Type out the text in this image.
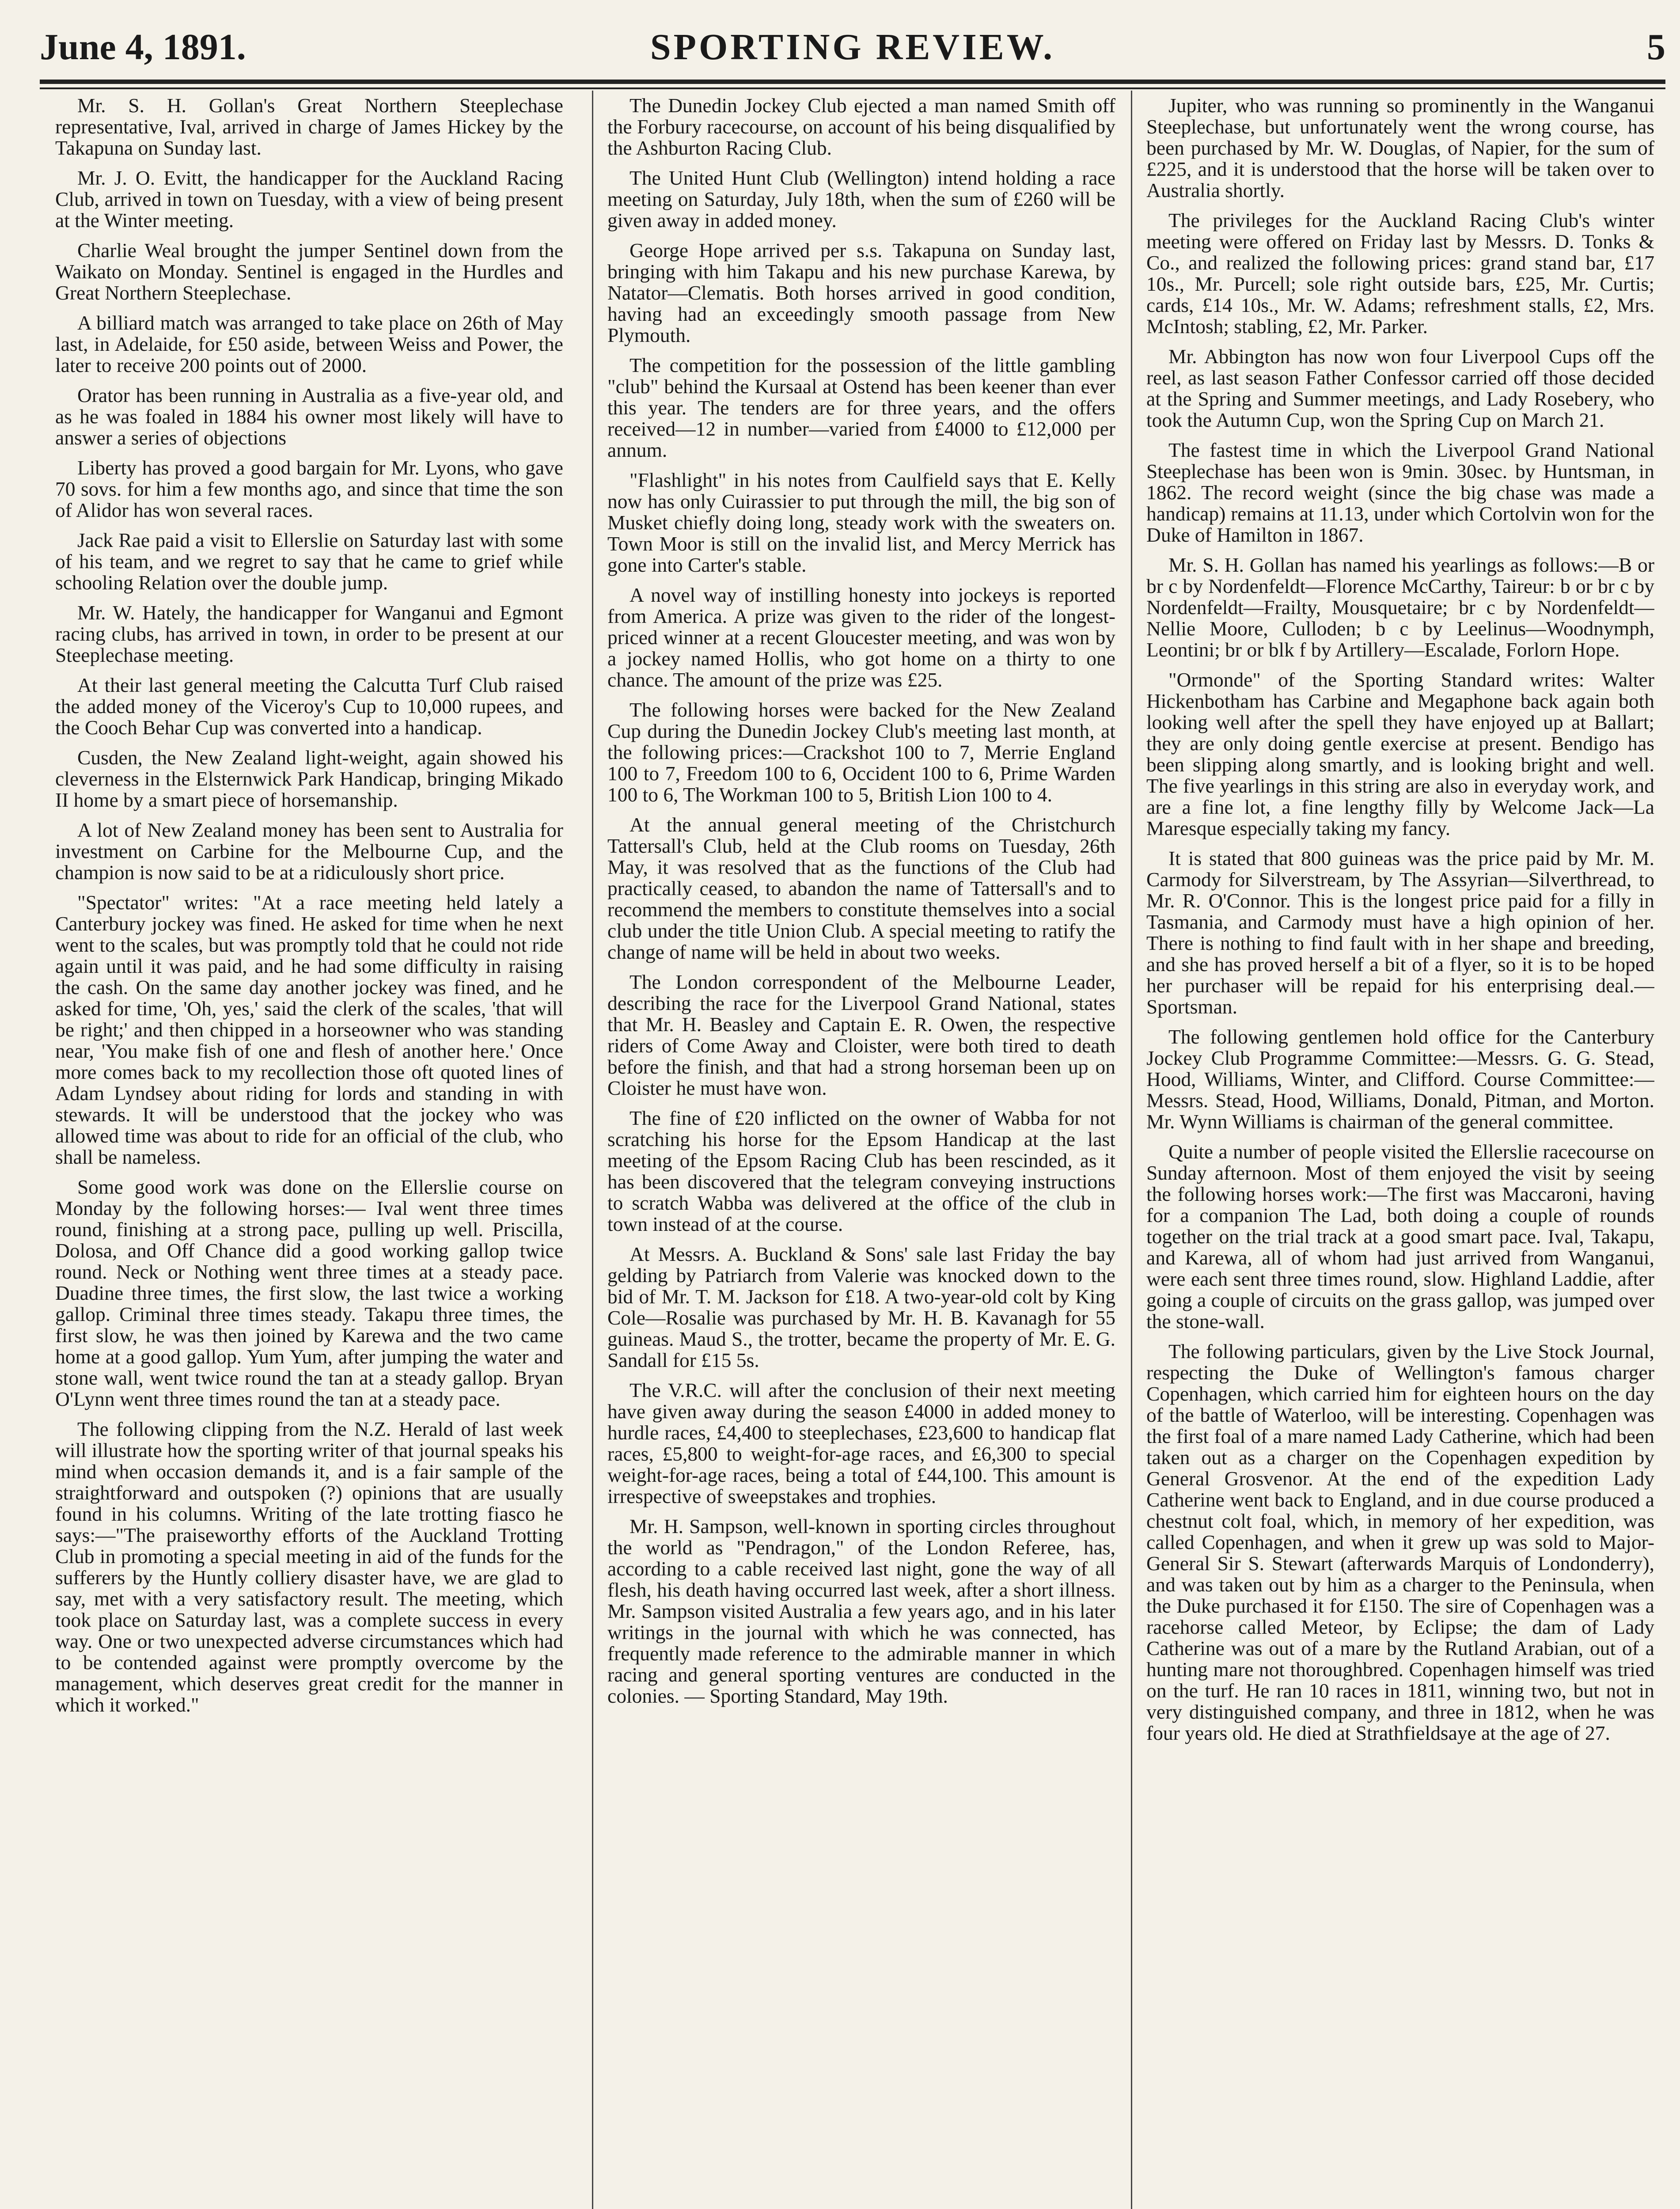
June 4, 1891.	SPORTING REVIEW.	5

Mr. S. H. Gollan's Great Northern Steeplechase representative, Ival, arrived in charge of James Hickey by the Takapuna on Sunday last.

Mr. J. O. Evitt, the handicapper for the Auckland Racing Club, arrived in town on Tuesday, with a view of being present at the Winter meeting.

Charlie Weal brought the jumper Sentinel down from the Waikato on Monday. Sentinel is engaged in the Hurdles and Great Northern Steeplechase.

A billiard match was arranged to take place on 26th of May last, in Adelaide, for £50 aside, between Weiss and Power, the later to receive 200 points out of 2000.

Orator has been running in Australia as a five-year old, and as he was foaled in 1884 his owner most likely will have to answer a series of objections

Liberty has proved a good bargain for Mr. Lyons, who gave 70 sovs. for him a few months ago, and since that time the son of Alidor has won several races.

Jack Rae paid a visit to Ellerslie on Saturday last with some of his team, and we regret to say that he came to grief while schooling Relation over the double jump.

Mr. W. Hately, the handicapper for Wanganui and Egmont racing clubs, has arrived in town, in order to be present at our Steeplechase meeting.

At their last general meeting the Calcutta Turf Club raised the added money of the Viceroy's Cup to 10,000 rupees, and the Cooch Behar Cup was converted into a handicap.

Cusden, the New Zealand light-weight, again showed his cleverness in the Elsternwick Park Handicap, bringing Mikado II home by a smart piece of horsemanship.

A lot of New Zealand money has been sent to Australia for investment on Carbine for the Melbourne Cup, and the champion is now said to be at a ridiculously short price.

"Spectator" writes: "At a race meeting held lately a Canterbury jockey was fined. He asked for time when he next went to the scales, but was promptly told that he could not ride again until it was paid, and he had some difficulty in raising the cash. On the same day another jockey was fined, and he asked for time, 'Oh, yes,' said the clerk of the scales, 'that will be right;' and then chipped in a horseowner who was standing near, 'You make fish of one and flesh of another here.' Once more comes back to my recollection those oft quoted lines of Adam Lyndsey about riding for lords and standing in with stewards. It will be understood that the jockey who was allowed time was about to ride for an official of the club, who shall be nameless.

Some good work was done on the Ellerslie course on Monday by the following horses:— Ival went three times round, finishing at a strong pace, pulling up well. Priscilla, Dolosa, and Off Chance did a good working gallop twice round. Neck or Nothing went three times at a steady pace. Duadine three times, the first slow, the last twice a working gallop. Criminal three times steady. Takapu three times, the first slow, he was then joined by Karewa and the two came home at a good gallop. Yum Yum, after jumping the water and stone wall, went twice round the tan at a steady gallop. Bryan O'Lynn went three times round the tan at a steady pace.

The following clipping from the N.Z. Herald of last week will illustrate how the sporting writer of that journal speaks his mind when occasion demands it, and is a fair sample of the straightforward and outspoken (?) opinions that are usually found in his columns. Writing of the late trotting fiasco he says:—"The praiseworthy efforts of the Auckland Trotting Club in promoting a special meeting in aid of the funds for the sufferers by the Huntly colliery disaster have, we are glad to say, met with a very satisfactory result. The meeting, which took place on Saturday last, was a complete success in every way. One or two unexpected adverse circumstances which had to be contended against were promptly overcome by the management, which deserves great credit for the manner in which it worked."

The Dunedin Jockey Club ejected a man named Smith off the Forbury racecourse, on account of his being disqualified by the Ashburton Racing Club.

The United Hunt Club (Wellington) intend holding a race meeting on Saturday, July 18th, when the sum of £260 will be given away in added money.

George Hope arrived per s.s. Takapuna on Sunday last, bringing with him Takapu and his new purchase Karewa, by Natator—Clematis. Both horses arrived in good condition, having had an exceedingly smooth passage from New Plymouth.

The competition for the possession of the little gambling "club" behind the Kursaal at Ostend has been keener than ever this year. The tenders are for three years, and the offers received—12 in number—varied from £4000 to £12,000 per annum.

"Flashlight" in his notes from Caulfield says that E. Kelly now has only Cuirassier to put through the mill, the big son of Musket chiefly doing long, steady work with the sweaters on. Town Moor is still on the invalid list, and Mercy Merrick has gone into Carter's stable.

A novel way of instilling honesty into jockeys is reported from America. A prize was given to the rider of the longest-priced winner at a recent Gloucester meeting, and was won by a jockey named Hollis, who got home on a thirty to one chance. The amount of the prize was £25.

The following horses were backed for the New Zealand Cup during the Dunedin Jockey Club's meeting last month, at the following prices:—Crackshot 100 to 7, Merrie England 100 to 7, Freedom 100 to 6, Occident 100 to 6, Prime Warden 100 to 6, The Workman 100 to 5, British Lion 100 to 4.

At the annual general meeting of the Christchurch Tattersall's Club, held at the Club rooms on Tuesday, 26th May, it was resolved that as the functions of the Club had practically ceased, to abandon the name of Tattersall's and to recommend the members to constitute themselves into a social club under the title Union Club. A special meeting to ratify the change of name will be held in about two weeks.

The London correspondent of the Melbourne Leader, describing the race for the Liverpool Grand National, states that Mr. H. Beasley and Captain E. R. Owen, the respective riders of Come Away and Cloister, were both tired to death before the finish, and that had a strong horseman been up on Cloister he must have won.

The fine of £20 inflicted on the owner of Wabba for not scratching his horse for the Epsom Handicap at the last meeting of the Epsom Racing Club has been rescinded, as it has been discovered that the telegram conveying instructions to scratch Wabba was delivered at the office of the club in town instead of at the course.

At Messrs. A. Buckland & Sons' sale last Friday the bay gelding by Patriarch from Valerie was knocked down to the bid of Mr. T. M. Jackson for £18. A two-year-old colt by King Cole—Rosalie was purchased by Mr. H. B. Kavanagh for 55 guineas. Maud S., the trotter, became the property of Mr. E. G. Sandall for £15 5s.

The V.R.C. will after the conclusion of their next meeting have given away during the season £4000 in added money to hurdle races, £4,400 to steeplechases, £23,600 to handicap flat races, £5,800 to weight-for-age races, and £6,300 to special weight-for-age races, being a total of £44,100. This amount is irrespective of sweepstakes and trophies.

Mr. H. Sampson, well-known in sporting circles throughout the world as "Pendragon," of the London Referee, has, according to a cable received last night, gone the way of all flesh, his death having occurred last week, after a short illness. Mr. Sampson visited Australia a few years ago, and in his later writings in the journal with which he was connected, has frequently made reference to the admirable manner in which racing and general sporting ventures are conducted in the colonies. — Sporting Standard, May 19th.

Jupiter, who was running so prominently in the Wanganui Steeplechase, but unfortunately went the wrong course, has been purchased by Mr. W. Douglas, of Napier, for the sum of £225, and it is understood that the horse will be taken over to Australia shortly.

The privileges for the Auckland Racing Club's winter meeting were offered on Friday last by Messrs. D. Tonks & Co., and realized the following prices: grand stand bar, £17 10s., Mr. Purcell; sole right outside bars, £25, Mr. Curtis; cards, £14 10s., Mr. W. Adams; refreshment stalls, £2, Mrs. McIntosh; stabling, £2, Mr. Parker.

Mr. Abbington has now won four Liverpool Cups off the reel, as last season Father Confessor carried off those decided at the Spring and Summer meetings, and Lady Rosebery, who took the Autumn Cup, won the Spring Cup on March 21.

The fastest time in which the Liverpool Grand National Steeplechase has been won is 9min. 30sec. by Huntsman, in 1862. The record weight (since the big chase was made a handicap) remains at 11.13, under which Cortolvin won for the Duke of Hamilton in 1867.

Mr. S. H. Gollan has named his yearlings as follows:—B or br c by Nordenfeldt—Florence McCarthy, Taireur: b or br c by Nordenfeldt—Frailty, Mousquetaire; br c by Nordenfeldt—Nellie Moore, Culloden; b c by Leelinus—Woodnymph, Leontini; br or blk f by Artillery—Escalade, Forlorn Hope.

"Ormonde" of the Sporting Standard writes: Walter Hickenbotham has Carbine and Megaphone back again both looking well after the spell they have enjoyed up at Ballart; they are only doing gentle exercise at present. Bendigo has been slipping along smartly, and is looking bright and well. The five yearlings in this string are also in everyday work, and are a fine lot, a fine lengthy filly by Welcome Jack—La Maresque especially taking my fancy.

It is stated that 800 guineas was the price paid by Mr. M. Carmody for Silverstream, by The Assyrian—Silverthread, to Mr. R. O'Connor. This is the longest price paid for a filly in Tasmania, and Carmody must have a high opinion of her. There is nothing to find fault with in her shape and breeding, and she has proved herself a bit of a flyer, so it is to be hoped her purchaser will be repaid for his enterprising deal.—Sportsman.

The following gentlemen hold office for the Canterbury Jockey Club Programme Committee:—Messrs. G. G. Stead, Hood, Williams, Winter, and Clifford. Course Committee:—Messrs. Stead, Hood, Williams, Donald, Pitman, and Morton. Mr. Wynn Williams is chairman of the general committee.

Quite a number of people visited the Ellerslie racecourse on Sunday afternoon. Most of them enjoyed the visit by seeing the following horses work:—The first was Maccaroni, having for a companion The Lad, both doing a couple of rounds together on the trial track at a good smart pace. Ival, Takapu, and Karewa, all of whom had just arrived from Wanganui, were each sent three times round, slow. Highland Laddie, after going a couple of circuits on the grass gallop, was jumped over the stone-wall.

The following particulars, given by the Live Stock Journal, respecting the Duke of Wellington's famous charger Copenhagen, which carried him for eighteen hours on the day of the battle of Waterloo, will be interesting. Copenhagen was the first foal of a mare named Lady Catherine, which had been taken out as a charger on the Copenhagen expedition by General Grosvenor. At the end of the expedition Lady Catherine went back to England, and in due course produced a chestnut colt foal, which, in memory of her expedition, was called Copenhagen, and when it grew up was sold to Major-General Sir S. Stewart (afterwards Marquis of Londonderry), and was taken out by him as a charger to the Peninsula, when the Duke purchased it for £150. The sire of Copenhagen was a racehorse called Meteor, by Eclipse; the dam of Lady Catherine was out of a mare by the Rutland Arabian, out of a hunting mare not thoroughbred. Copenhagen himself was tried on the turf. He ran 10 races in 1811, winning two, but not in very distinguished company, and three in 1812, when he was four years old. He died at Strathfieldsaye at the age of 27.
